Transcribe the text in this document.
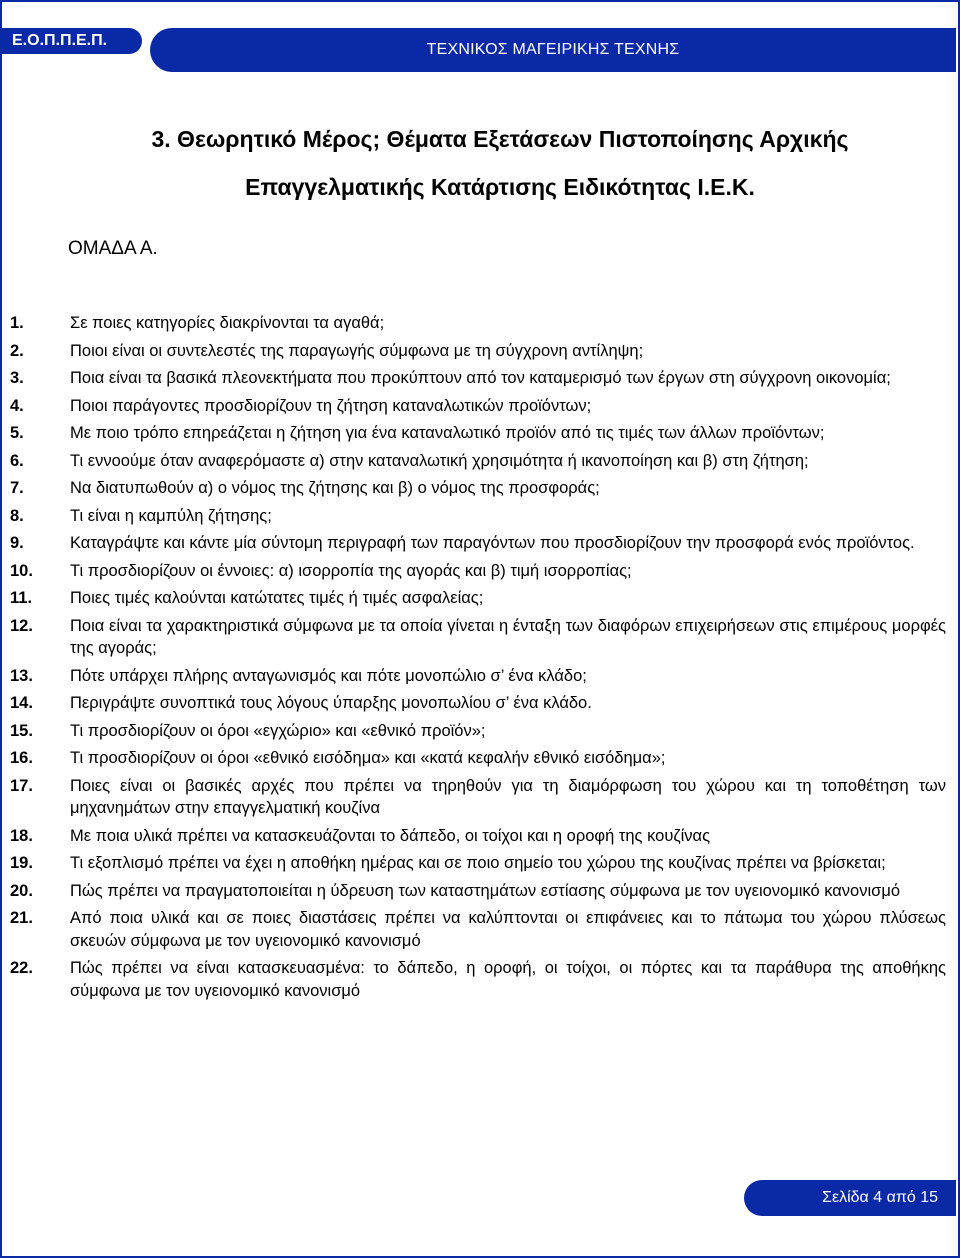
Ε.Ο.Π.Π.Ε.Π.
ΤΕΧΝΙΚΟΣ ΜΑΓΕΙΡΙΚΗΣ ΤΕΧΝΗΣ
3. Θεωρητικό Μέρος; Θέματα Εξετάσεων Πιστοποίησης Αρχικής
Επαγγελματικής Κατάρτισης Ειδικότητας Ι.Ε.Κ.
ΟΜΑΔΑ Α.
1.	Σε ποιες κατηγορίες διακρίνονται τα αγαθά;
2.	Ποιοι είναι οι συντελεστές της παραγωγής σύμφωνα με τη σύγχρονη αντίληψη;
3.	Ποια είναι τα βασικά πλεονεκτήματα που προκύπτουν από τον καταμερισμό των έργων στη σύγχρονη οικονομία;
4.	Ποιοι παράγοντες προσδιορίζουν τη ζήτηση καταναλωτικών προϊόντων;
5.	Με ποιο τρόπο επηρεάζεται η ζήτηση για ένα καταναλωτικό προϊόν από τις τιμές των άλλων προϊόντων;
6.	Τι εννοούμε όταν αναφερόμαστε α) στην καταναλωτική χρησιμότητα ή ικανοποίηση και β) στη ζήτηση;
7.	Να διατυπωθούν α) ο νόμος της ζήτησης και β) ο νόμος της προσφοράς;
8.	Τι είναι η καμπύλη ζήτησης;
9.	Καταγράψτε και κάντε μία σύντομη περιγραφή των παραγόντων που προσδιορίζουν την προσφορά ενός προϊόντος.
10. Τι προσδιορίζουν οι έννοιες: α) ισορροπία της αγοράς και β) τιμή ισορροπίας;
11. Ποιες τιμές καλούνται κατώτατες τιμές ή τιμές ασφαλείας;
12. Ποια είναι τα χαρακτηριστικά σύμφωνα με τα οποία γίνεται η ένταξη των διαφόρων επιχειρήσεων στις επιμέρους μορφές της αγοράς;
13. Πότε υπάρχει πλήρης ανταγωνισμός και πότε μονοπώλιο σ’ ένα κλάδο;
14. Περιγράψτε συνοπτικά τους λόγους ύπαρξης μονοπωλίου σ’ ένα κλάδο.
15. Τι προσδιορίζουν οι όροι «εγχώριο» και «εθνικό προϊόν»;
16. Τι προσδιορίζουν οι όροι «εθνικό εισόδημα» και «κατά κεφαλήν εθνικό εισόδημα»;
17. Ποιες είναι οι βασικές αρχές που πρέπει να τηρηθούν για τη διαμόρφωση του χώρου και τη τοποθέτηση των μηχανημάτων στην επαγγελματική κουζίνα
18. Με ποια υλικά πρέπει να κατασκευάζονται το δάπεδο, οι τοίχοι και η οροφή της κουζίνας
19. Τι εξοπλισμό πρέπει να έχει η αποθήκη ημέρας και σε ποιο σημείο του χώρου της κουζίνας πρέπει να βρίσκεται;
20. Πώς πρέπει να πραγματοποιείται η ύδρευση των καταστημάτων εστίασης σύμφωνα με τον υγειονομικό κανονισμό
21. Από ποια υλικά και σε ποιες διαστάσεις πρέπει να καλύπτονται οι επιφάνειες και το πάτωμα του χώρου πλύσεως σκευών σύμφωνα με τον υγειονομικό κανονισμό
22. Πώς πρέπει να είναι κατασκευασμένα: το δάπεδο, η οροφή, οι τοίχοι, οι πόρτες και τα παράθυρα της αποθήκης σύμφωνα με τον υγειονομικό κανονισμό
Σελίδα 4 από 15
